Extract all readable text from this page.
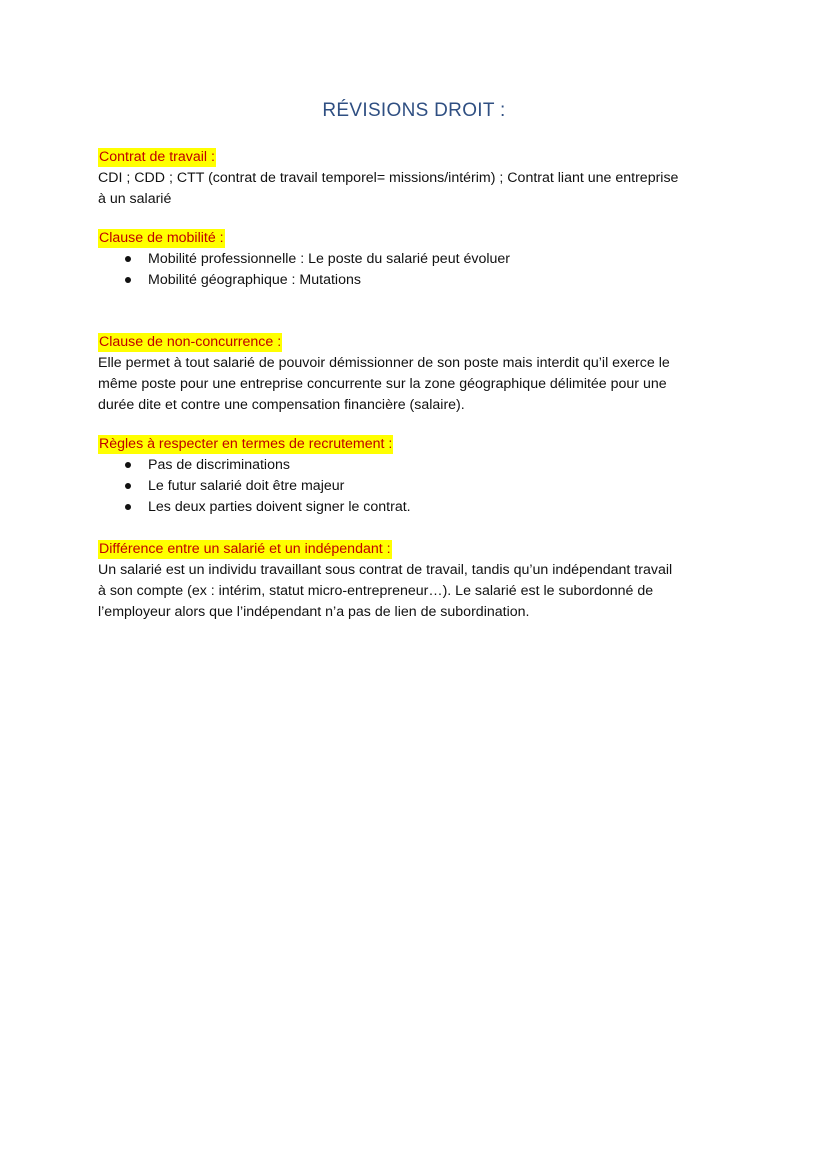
RÉVISIONS DROIT :
Contrat de travail :

CDI ; CDD ; CTT (contrat de travail temporel= missions/intérim) ; Contrat liant une entreprise

à un salarié

Clause de mobilité :
Mobilité professionnelle : Le poste du salarié peut évoluer
Mobilité géographique : Mutations
Clause de non-concurrence :

Elle permet à tout salarié de pouvoir démissionner de son poste mais interdit qu’il exerce le

même poste pour une entreprise concurrente sur la zone géographique délimitée pour une

durée dite et contre une compensation financière (salaire).

Règles à respecter en termes de recrutement :
Pas de discriminations
Le futur salarié doit être majeur
Les deux parties doivent signer le contrat.
Différence entre un salarié et un indépendant :

Un salarié est un individu travaillant sous contrat de travail, tandis qu’un indépendant travail

à son compte (ex : intérim, statut micro-entrepreneur…). Le salarié est le subordonné de

l’employeur alors que l’indépendant n’a pas de lien de subordination.
